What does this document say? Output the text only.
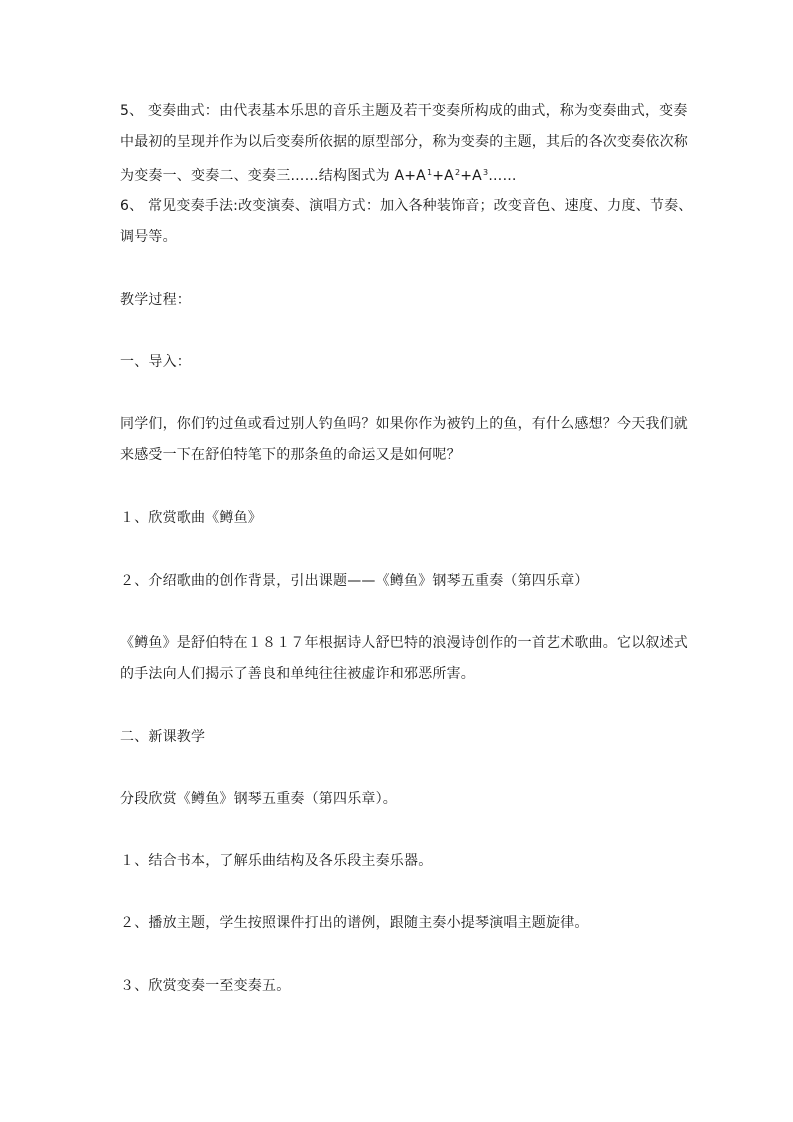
5、 变奏曲式：由代表基本乐思的音乐主题及若干变奏所构成的曲式，称为变奏曲式，变奏
中最初的呈现并作为以后变奏所依据的原型部分，称为变奏的主题，其后的各次变奏依次称
为变奏一、变奏二、变奏三……结构图式为 $A+A^1+A^2+A^3\dots\dots$
6、 常见变奏手法:改变演奏、演唱方式：加入各种装饰音；改变音色、速度、力度、节奏、
调号等。
教学过程：
一、导入：
同学们，你们钓过鱼或看过别人钓鱼吗？如果你作为被钓上的鱼，有什么感想？今天我们就
来感受一下在舒伯特笔下的那条鱼的命运又是如何呢？
１、欣赏歌曲《鳟鱼》
２、介绍歌曲的创作背景，引出课题——《鳟鱼》钢琴五重奏（第四乐章）
《鳟鱼》是舒伯特在１８１７年根据诗人舒巴特的浪漫诗创作的一首艺术歌曲。它以叙述式
的手法向人们揭示了善良和单纯往往被虚诈和邪恶所害。
二、新课教学
分段欣赏《鳟鱼》钢琴五重奏（第四乐章）。
１、结合书本，了解乐曲结构及各乐段主奏乐器。
２、播放主题，学生按照课件打出的谱例，跟随主奏小提琴演唱主题旋律。
３、欣赏变奏一至变奏五。
